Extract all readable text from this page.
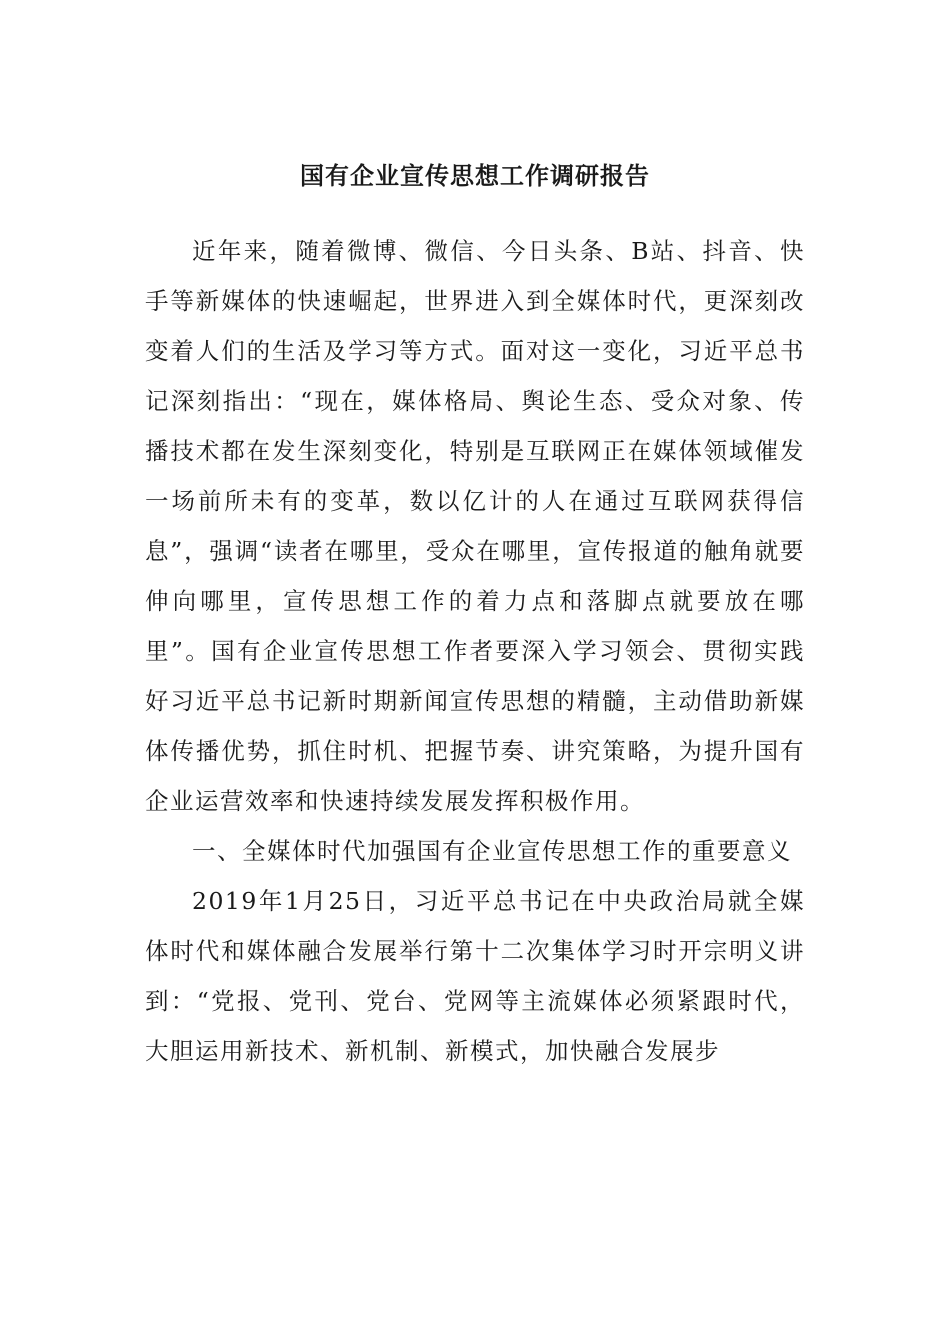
国有企业宣传思想工作调研报告

近年来，随着微博、微信、今日头条、B站、抖音、快手等新媒体的快速崛起，世界进入到全媒体时代，更深刻改变着人们的生活及学习等方式。面对这一变化，习近平总书记深刻指出：“现在，媒体格局、舆论生态、受众对象、传播技术都在发生深刻变化，特别是互联网正在媒体领域催发一场前所未有的变革，数以亿计的人在通过互联网获得信息”，强调“读者在哪里，受众在哪里，宣传报道的触角就要伸向哪里，宣传思想工作的着力点和落脚点就要放在哪里”。国有企业宣传思想工作者要深入学习领会、贯彻实践好习近平总书记新时期新闻宣传思想的精髓，主动借助新媒体传播优势，抓住时机、把握节奏、讲究策略，为提升国有企业运营效率和快速持续发展发挥积极作用。

一、全媒体时代加强国有企业宣传思想工作的重要意义

2019年1月25日，习近平总书记在中央政治局就全媒体时代和媒体融合发展举行第十二次集体学习时开宗明义讲到：“党报、党刊、党台、党网等主流媒体必须紧跟时代，大胆运用新技术、新机制、新模式，加快融合发展步
